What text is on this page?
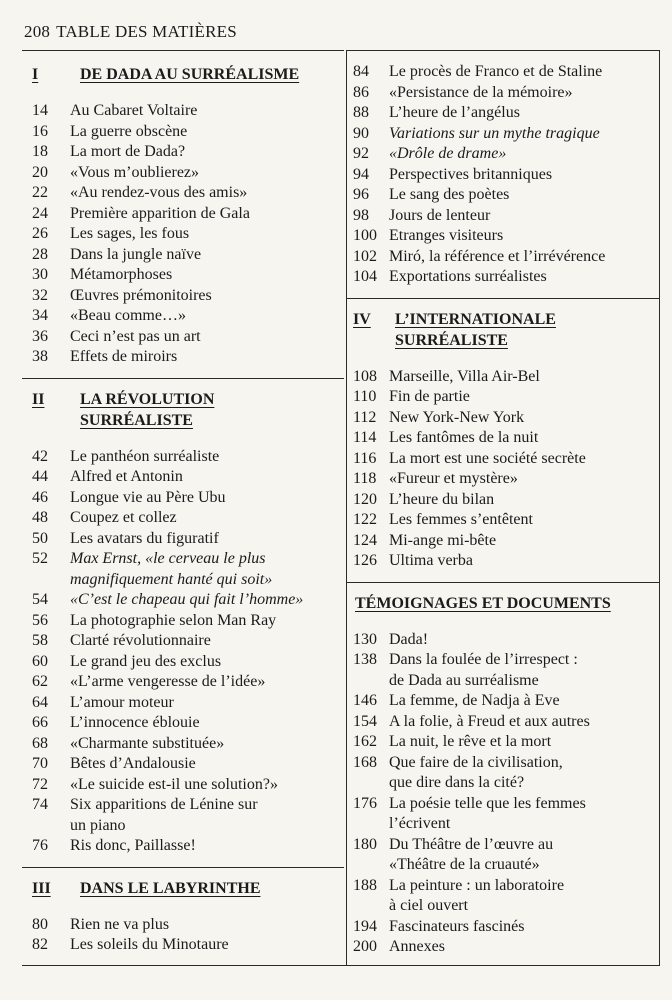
208 TABLE DES MATIÈRES
I	DE DADA AU SURRÉALISME
14	Au Cabaret Voltaire
16	La guerre obscène
18	La mort de Dada?
20	«Vous m’oublierez»
22	«Au rendez-vous des amis»
24	Première apparition de Gala
26	Les sages, les fous
28	Dans la jungle naïve
30	Métamorphoses
32	Œuvres prémonitoires
34	«Beau comme…»
36	Ceci n’est pas un art
38	Effets de miroirs
II	LA RÉVOLUTION
SURRÉALISTE
42	Le panthéon surréaliste
44	Alfred et Antonin
46	Longue vie au Père Ubu
48	Coupez et collez
50	Les avatars du figuratif
52	Max Ernst, «le cerveau le plus
magnifiquement hanté qui soit»
54	«C’est le chapeau qui fait l’homme»
56	La photographie selon Man Ray
58	Clarté révolutionnaire
60	Le grand jeu des exclus
62	«L’arme vengeresse de l’idée»
64	L’amour moteur
66	L’innocence éblouie
68	«Charmante substituée»
70	Bêtes d’Andalousie
72	«Le suicide est-il une solution?»
74	Six apparitions de Lénine sur
un piano
76	Ris donc, Paillasse!
III	DANS LE LABYRINTHE
80	Rien ne va plus
82	Les soleils du Minotaure
84	Le procès de Franco et de Staline
86	«Persistance de la mémoire»
88	L’heure de l’angélus
90	Variations sur un mythe tragique
92	«Drôle de drame»
94	Perspectives britanniques
96	Le sang des poètes
98	Jours de lenteur
100 Etranges visiteurs
102 Miró, la référence et l’irrévérence
104 Exportations surréalistes
IV	L’INTERNATIONALE
SURRÉALISTE
108 Marseille, Villa Air-Bel
110 Fin de partie
112 New York-New York
114 Les fantômes de la nuit
116 La mort est une société secrète
118 «Fureur et mystère»
120 L’heure du bilan
122 Les femmes s’entêtent
124 Mi-ange mi-bête
126 Ultima verba
TÉMOIGNAGES ET DOCUMENTS
130 Dada!
138 Dans la foulée de l’irrespect :
de Dada au surréalisme
146 La femme, de Nadja à Eve
154 A la folie, à Freud et aux autres
162 La nuit, le rêve et la mort
168 Que faire de la civilisation,
que dire dans la cité?
176 La poésie telle que les femmes
l’écrivent
180 Du Théâtre de l’œuvre au
«Théâtre de la cruauté»
188 La peinture : un laboratoire
à ciel ouvert
194 Fascinateurs fascinés
200 Annexes
